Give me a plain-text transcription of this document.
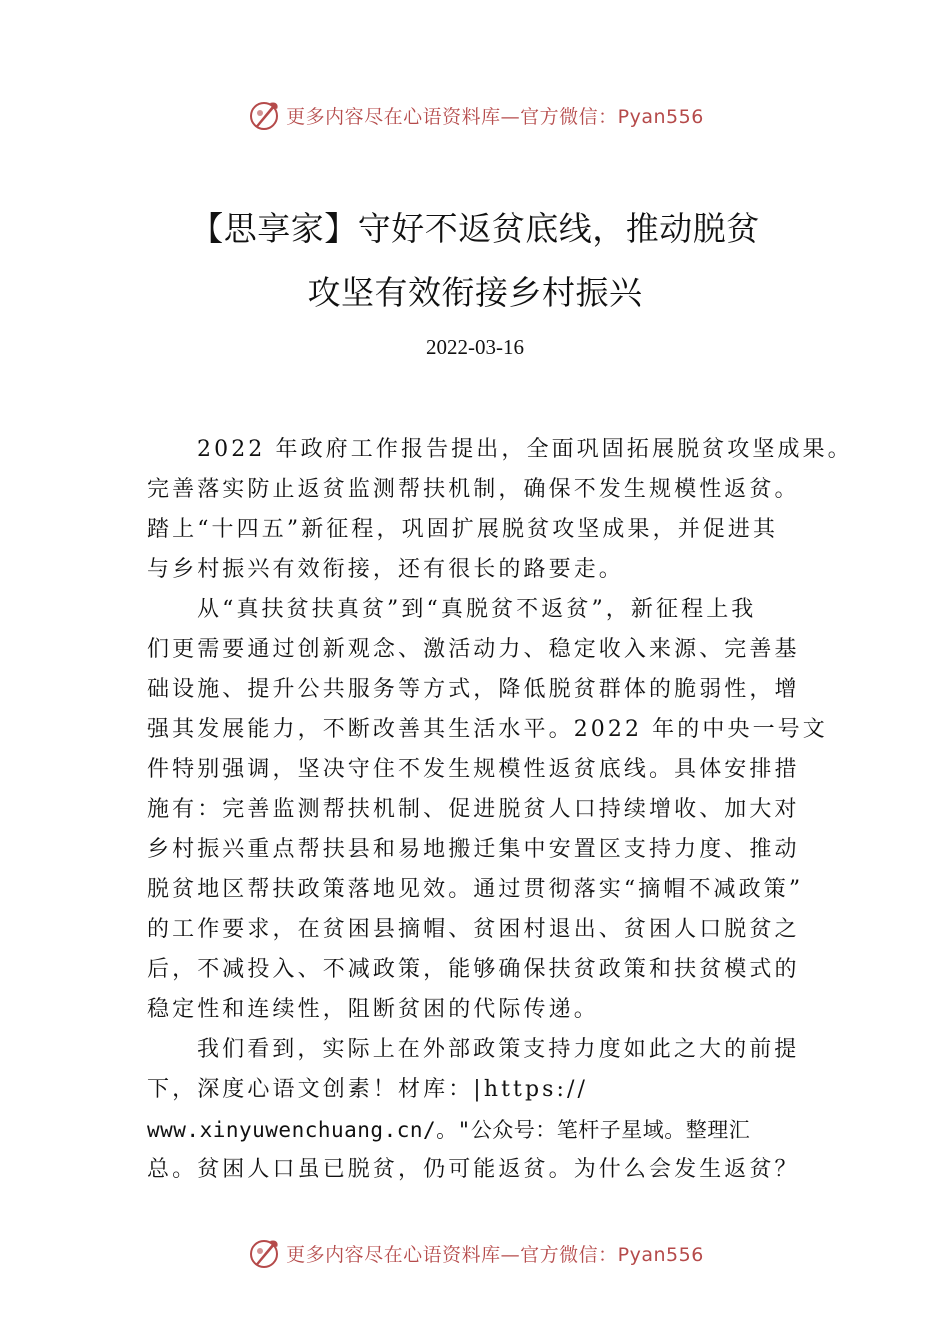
更多内容尽在心语资料库—官方微信：Pyan556
【思享家】守好不返贫底线，推动脱贫
攻坚有效衔接乡村振兴
2022-03-16
2022 年政府工作报告提出，全面巩固拓展脱贫攻坚成果。
完善落实防止返贫监测帮扶机制，确保不发生规模性返贫。
踏上“十四五”新征程，巩固扩展脱贫攻坚成果，并促进其
与乡村振兴有效衔接，还有很长的路要走。
从“真扶贫扶真贫”到“真脱贫不返贫”，新征程上我
们更需要通过创新观念、激活动力、稳定收入来源、完善基
础设施、提升公共服务等方式，降低脱贫群体的脆弱性，增
强其发展能力，不断改善其生活水平。2022 年的中央一号文
件特别强调，坚决守住不发生规模性返贫底线。具体安排措
施有：完善监测帮扶机制、促进脱贫人口持续增收、加大对
乡村振兴重点帮扶县和易地搬迁集中安置区支持力度、推动
脱贫地区帮扶政策落地见效。通过贯彻落实“摘帽不减政策”
的工作要求，在贫困县摘帽、贫困村退出、贫困人口脱贫之
后，不减投入、不减政策，能够确保扶贫政策和扶贫模式的
稳定性和连续性，阻断贫困的代际传递。
我们看到，实际上在外部政策支持力度如此之大的前提
下，深度心语文创素！材库：|https://
www.xinyuwenchuang.cn/。"公众号：笔杆子星域。整理汇
总。贫困人口虽已脱贫，仍可能返贫。为什么会发生返贫？
更多内容尽在心语资料库—官方微信：Pyan556
